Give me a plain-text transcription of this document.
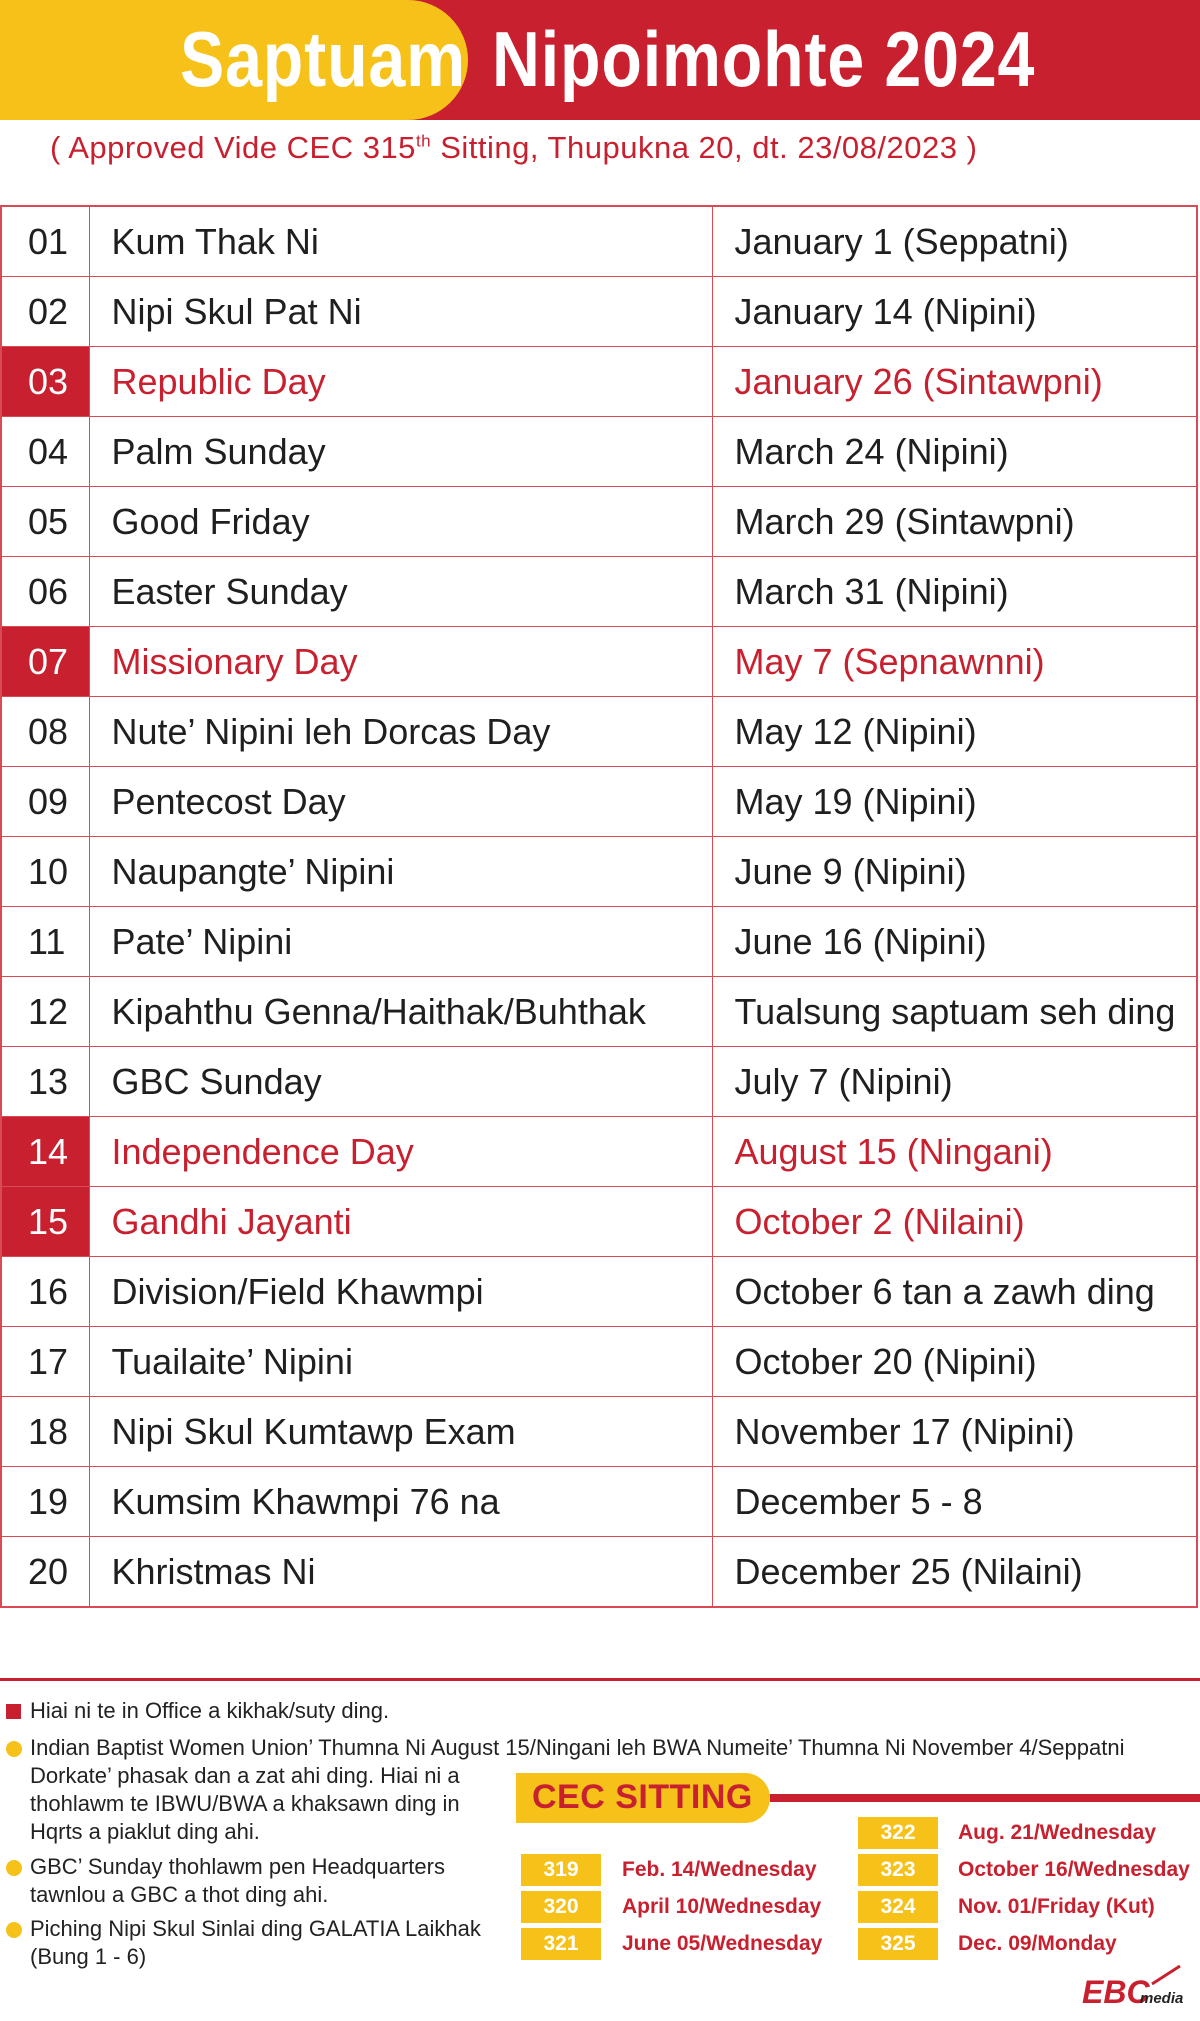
Saptuam Nipoimohte 2024
( Approved Vide CEC 315th Sitting, Thupukna 20, dt. 23/08/2023 )
01	Kum Thak Ni	January 1 (Seppatni)
02	Nipi Skul Pat Ni	January 14 (Nipini)
03	Republic Day	January 26 (Sintawpni)
04	Palm Sunday	March 24 (Nipini)
05	Good Friday	March 29 (Sintawpni)
06	Easter Sunday	March 31 (Nipini)
07	Missionary Day	May 7 (Sepnawnni)
08	Nute’ Nipini leh Dorcas Day	May 12 (Nipini)
09	Pentecost Day	May 19 (Nipini)
10	Naupangte’ Nipini	June 9 (Nipini)
11	Pate’ Nipini	June 16 (Nipini)
12	Kipahthu Genna/Haithak/Buhthak	Tualsung saptuam seh ding
13	GBC Sunday	July 7 (Nipini)
14	Independence Day	August 15 (Ningani)
15	Gandhi Jayanti	October 2 (Nilaini)
16	Division/Field Khawmpi	October 6 tan a zawh ding
17	Tuailaite’ Nipini	October 20 (Nipini)
18	Nipi Skul Kumtawp Exam	November 17 (Nipini)
19	Kumsim Khawmpi 76 na	December 5 - 8
20	Khristmas Ni	December 25 (Nilaini)
Hiai ni te in Office a kikhak/suty ding.
Indian Baptist Women Union’ Thumna Ni August 15/Ningani leh BWA Numeite’ Thumna Ni November 4/Seppatni
Dorkate’ phasak dan a zat ahi ding. Hiai ni a
thohlawm te IBWU/BWA a khaksawn ding in
Hqrts a piaklut ding ahi.
GBC’ Sunday thohlawm pen Headquarters
tawnlou a GBC a thot ding ahi.
Piching Nipi Skul Sinlai ding GALATIA Laikhak
(Bung 1 - 6)
CEC SITTING
319	Feb. 14/Wednesday
320	April 10/Wednesday
321	June 05/Wednesday
322	Aug. 21/Wednesday
323	October 16/Wednesday
324	Nov. 01/Friday (Kut)
325	Dec. 09/Monday
EBC
media
